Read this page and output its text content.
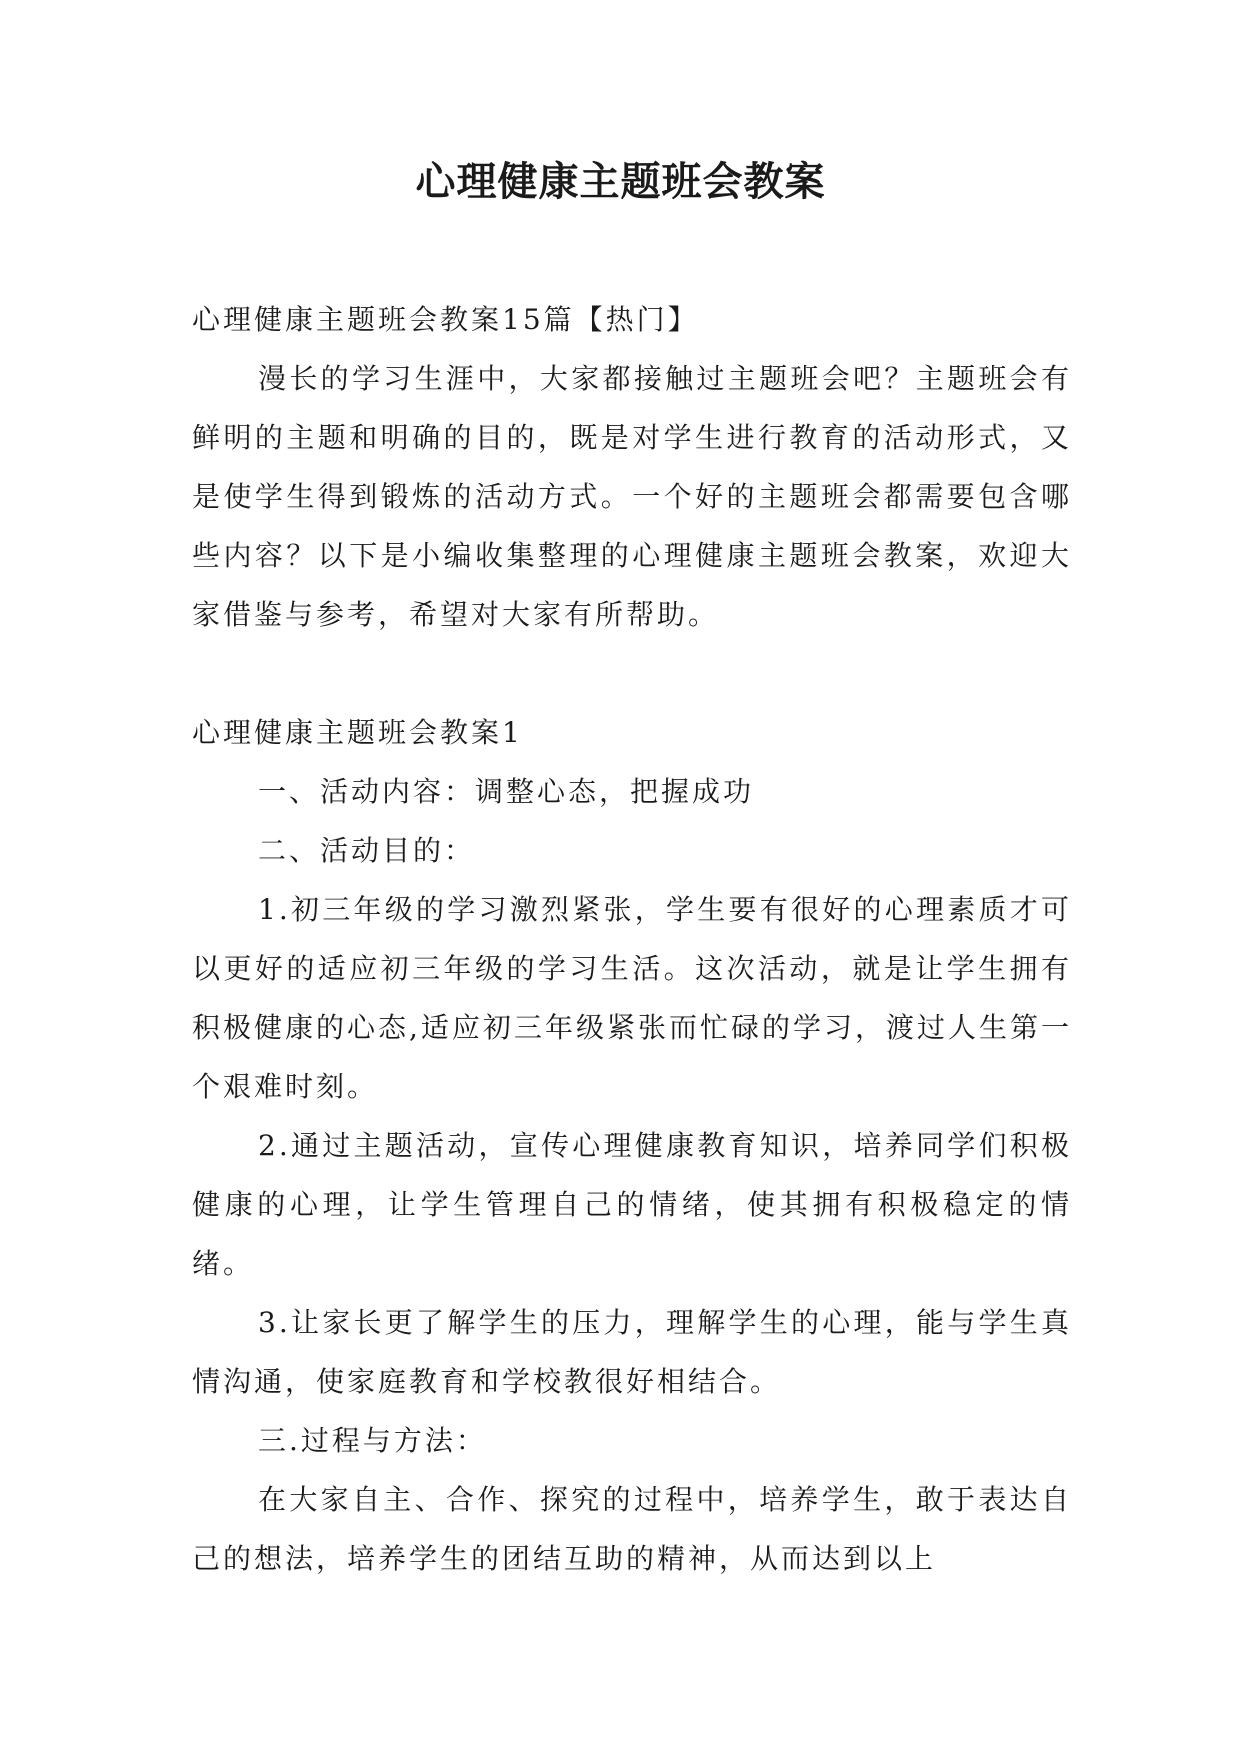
心理健康主题班会教案

心理健康主题班会教案15篇【热门】

漫长的学习生涯中，大家都接触过主题班会吧？主题班会有鲜明的主题和明确的目的，既是对学生进行教育的活动形式，又是使学生得到锻炼的活动方式。一个好的主题班会都需要包含哪些内容？以下是小编收集整理的心理健康主题班会教案，欢迎大家借鉴与参考，希望对大家有所帮助。

心理健康主题班会教案1

一、活动内容：调整心态，把握成功

二、活动目的：

1.初三年级的学习激烈紧张，学生要有很好的心理素质才可以更好的适应初三年级的学习生活。这次活动，就是让学生拥有积极健康的心态,适应初三年级紧张而忙碌的学习，渡过人生第一个艰难时刻。

2.通过主题活动，宣传心理健康教育知识，培养同学们积极健康的心理，让学生管理自己的情绪，使其拥有积极稳定的情绪。

3.让家长更了解学生的压力，理解学生的心理，能与学生真情沟通，使家庭教育和学校教很好相结合。

三.过程与方法：

在大家自主、合作、探究的过程中，培养学生，敢于表达自己的想法，培养学生的团结互助的精神，从而达到以上
